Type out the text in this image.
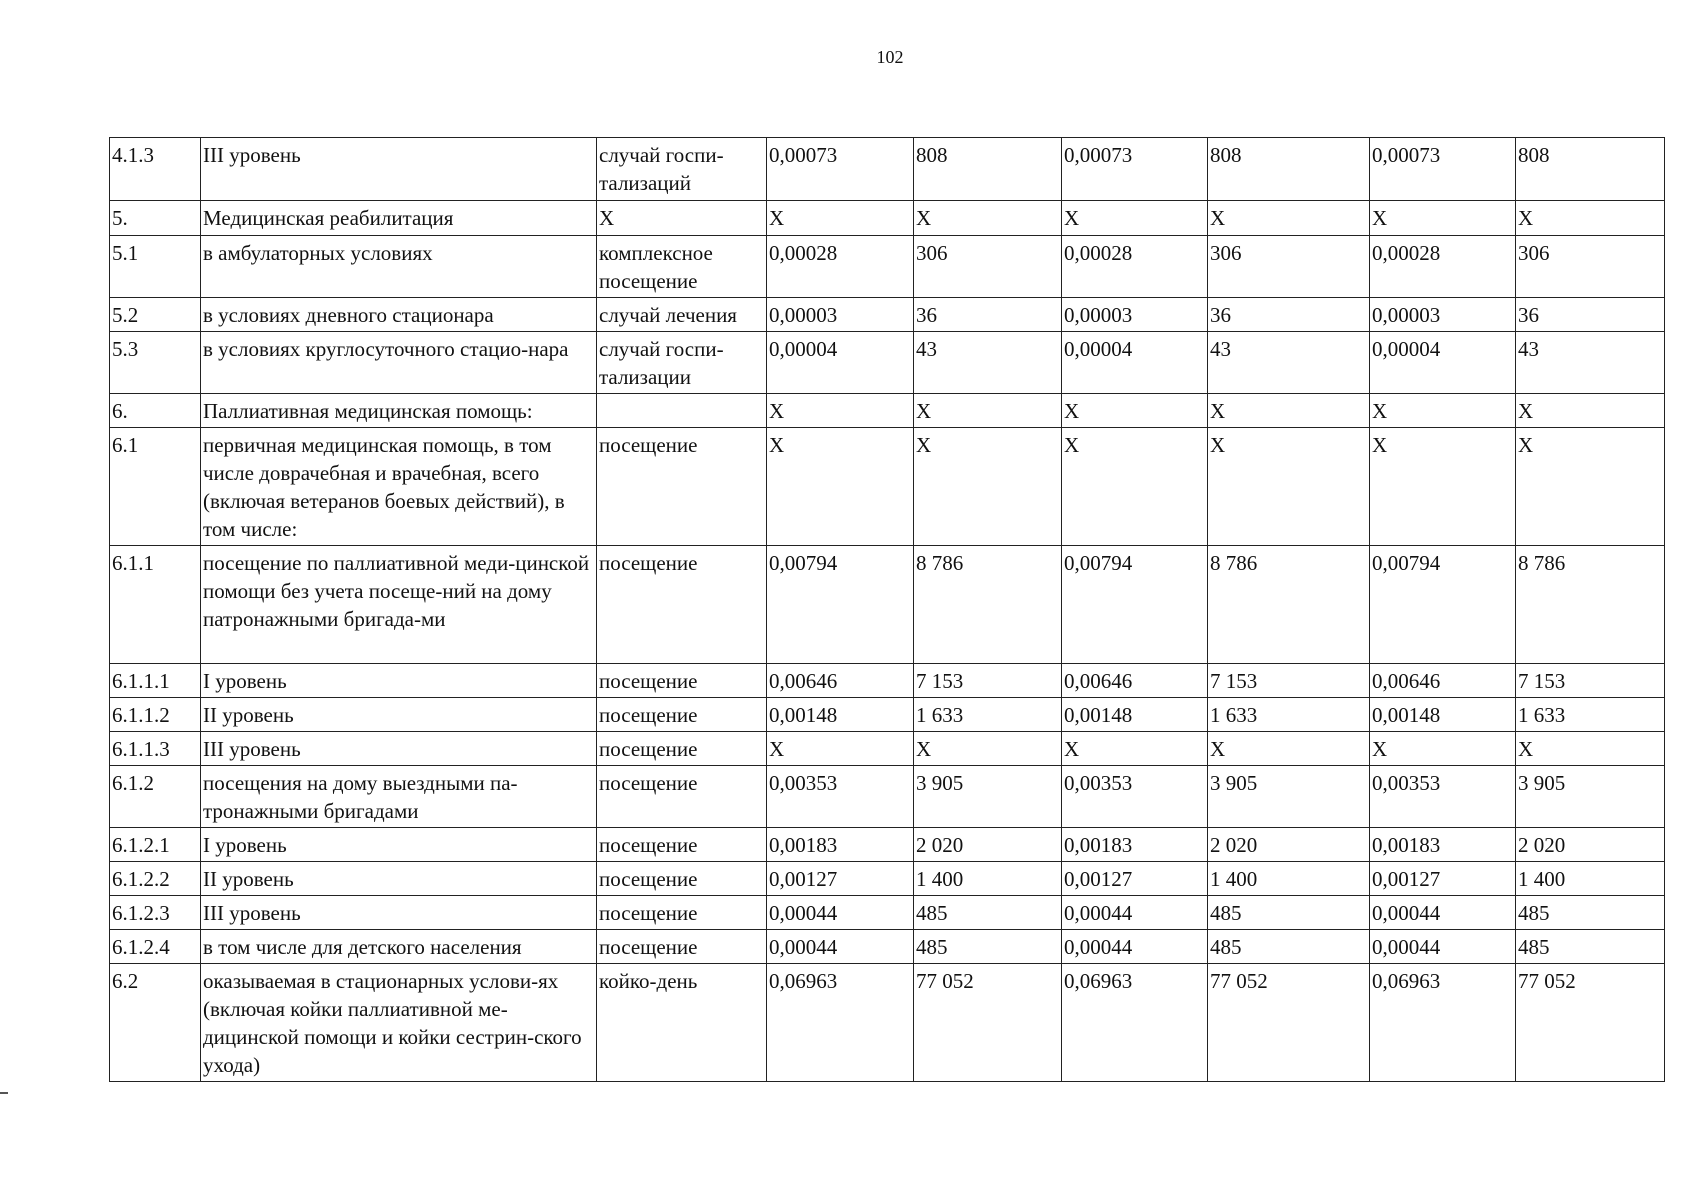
102
4.1.3	III уровень	случай госпи-тализаций	0,00073	808	0,00073	808	0,00073	808
5.	Медицинская реабилитация	X	X	X	X	X	X	X
5.1	в амбулаторных условиях	комплексное посещение	0,00028	306	0,00028	306	0,00028	306
5.2	в условиях дневного стационара	случай лечения	0,00003	36	0,00003	36	0,00003	36
5.3	в условиях круглосуточного стацио-нара	случай госпи-тализации	0,00004	43	0,00004	43	0,00004	43
6.	Паллиативная медицинская помощь:		X	X	X	X	X	X
6.1	первичная медицинская помощь, в том числе доврачебная и врачебная, всего (включая ветеранов боевых действий), в том числе:	посещение	X	X	X	X	X	X
6.1.1	посещение по паллиативной меди-цинской помощи без учета посеще-ний на дому патронажными бригада-ми	посещение	0,00794	8 786	0,00794	8 786	0,00794	8 786
6.1.1.1	I уровень	посещение	0,00646	7 153	0,00646	7 153	0,00646	7 153
6.1.1.2	II уровень	посещение	0,00148	1 633	0,00148	1 633	0,00148	1 633
6.1.1.3	III уровень	посещение	X	X	X	X	X	X
6.1.2	посещения на дому выездными па-тронажными бригадами	посещение	0,00353	3 905	0,00353	3 905	0,00353	3 905
6.1.2.1	I уровень	посещение	0,00183	2 020	0,00183	2 020	0,00183	2 020
6.1.2.2	II уровень	посещение	0,00127	1 400	0,00127	1 400	0,00127	1 400
6.1.2.3	III уровень	посещение	0,00044	485	0,00044	485	0,00044	485
6.1.2.4	в том числе для детского населения	посещение	0,00044	485	0,00044	485	0,00044	485
6.2	оказываемая в стационарных услови-ях (включая койки паллиативной ме-дицинской помощи и койки сестрин-ского ухода)	койко-день	0,06963	77 052	0,06963	77 052	0,06963	77 052
